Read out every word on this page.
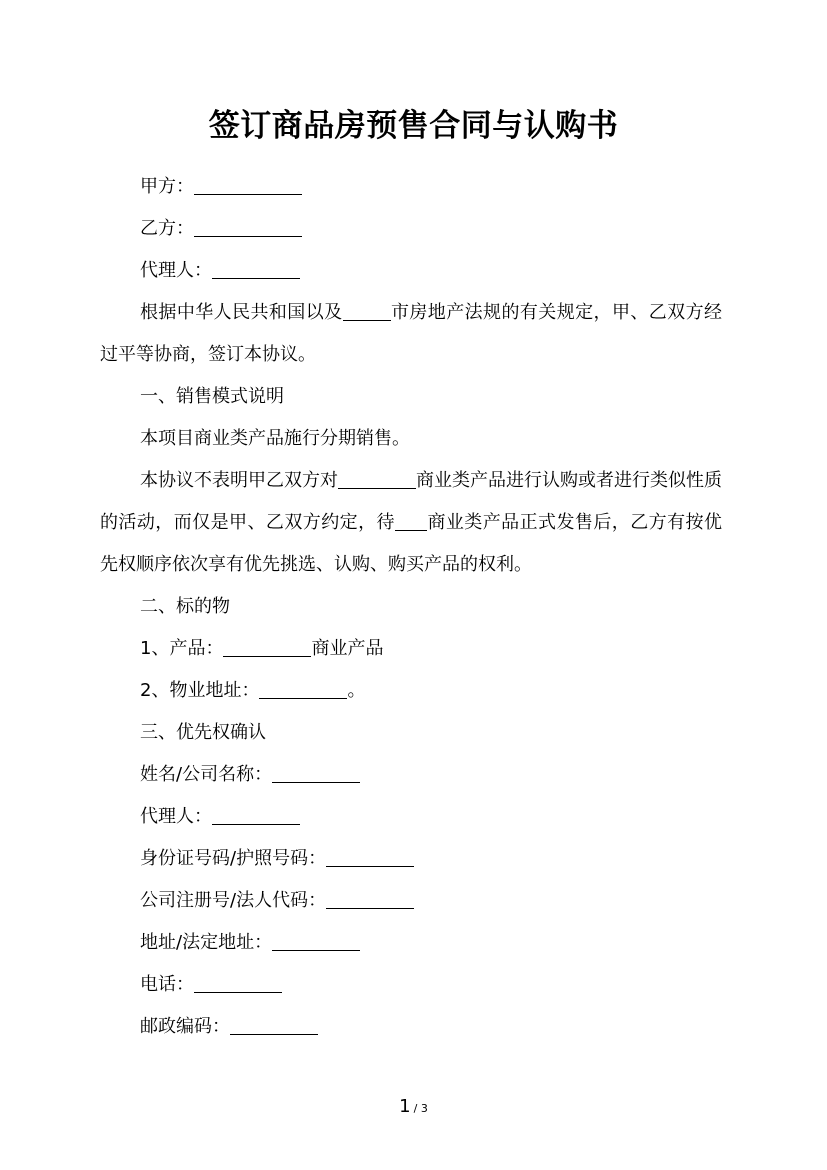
签订商品房预售合同与认购书

甲方：

乙方：

代理人：

根据中华人民共和国以及	市房地产法规的有关规定，甲、乙双方经过平等协商，签订本协议。

一、销售模式说明

本项目商业类产品施行分期销售。

本协议不表明甲乙双方对	商业类产品进行认购或者进行类似性质的活动，而仅是甲、乙双方约定，待 商业类产品正式发售后，乙方有按优先权顺序依次享有优先挑选、认购、购买产品的权利。

二、标的物

1、产品：	商业产品

2、物业地址：	。

三、优先权确认

姓名/公司名称：

代理人：

身份证号码/护照号码：

公司注册号/法人代码：

地址/法定地址：

电话：

邮政编码：

1 / 3
